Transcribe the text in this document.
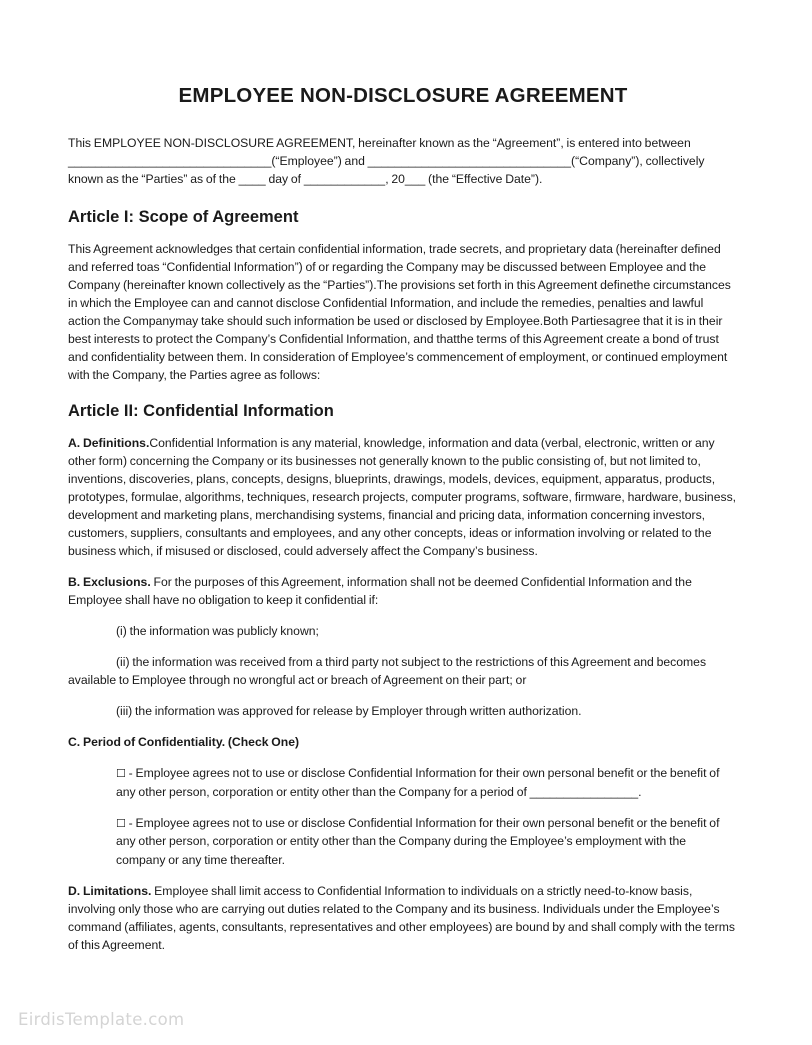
EMPLOYEE NON-DISCLOSURE AGREEMENT

This EMPLOYEE NON-DISCLOSURE AGREEMENT, hereinafter known as the “Agreement”, is entered into between ______________________________(“Employee”) and ______________________________(“Company”), collectively known as the “Parties” as of the ____ day of ____________, 20___ (the “Effective Date”).

Article I: Scope of Agreement

This Agreement acknowledges that certain confidential information, trade secrets, and proprietary data (hereinafter defined and referred toas “Confidential Information”) of or regarding the Company may be discussed between Employee and the Company (hereinafter known collectively as the “Parties”).The provisions set forth in this Agreement definethe circumstances in which the Employee can and cannot disclose Confidential Information, and include the remedies, penalties and lawful action the Companymay take should such information be used or disclosed by Employee.Both Partiesagree that it is in their best interests to protect the Company’s Confidential Information, and thatthe terms of this Agreement create a bond of trust and confidentiality between them. In consideration of Employee’s commencement of employment, or continued employment with the Company, the Parties agree as follows:

Article II: Confidential Information

A. Definitions.Confidential Information is any material, knowledge, information and data (verbal, electronic, written or any other form) concerning the Company or its businesses not generally known to the public consisting of, but not limited to, inventions, discoveries, plans, concepts, designs, blueprints, drawings, models, devices, equipment, apparatus, products, prototypes, formulae, algorithms, techniques, research projects, computer programs, software, firmware, hardware, business, development and marketing plans, merchandising systems, financial and pricing data, information concerning investors, customers, suppliers, consultants and employees, and any other concepts, ideas or information involving or related to the business which, if misused or disclosed, could adversely affect the Company’s business.

B. Exclusions. For the purposes of this Agreement, information shall not be deemed Confidential Information and the Employee shall have no obligation to keep it confidential if:

(i) the information was publicly known;

(ii) the information was received from a third party not subject to the restrictions of this Agreement and becomes available to Employee through no wrongful act or breach of Agreement on their part; or

(iii) the information was approved for release by Employer through written authorization.

C. Period of Confidentiality. (Check One)

☐ - Employee agrees not to use or disclose Confidential Information for their own personal benefit or the benefit of any other person, corporation or entity other than the Company for a period of ________________.

☐ - Employee agrees not to use or disclose Confidential Information for their own personal benefit or the benefit of any other person, corporation or entity other than the Company during the Employee’s employment with the company or any time thereafter.

D. Limitations. Employee shall limit access to Confidential Information to individuals on a strictly need-to-know basis, involving only those who are carrying out duties related to the Company and its business. Individuals under the Employee’s command (affiliates, agents, consultants, representatives and other employees) are bound by and shall comply with the terms of this Agreement.

EirdisTemplate.com
